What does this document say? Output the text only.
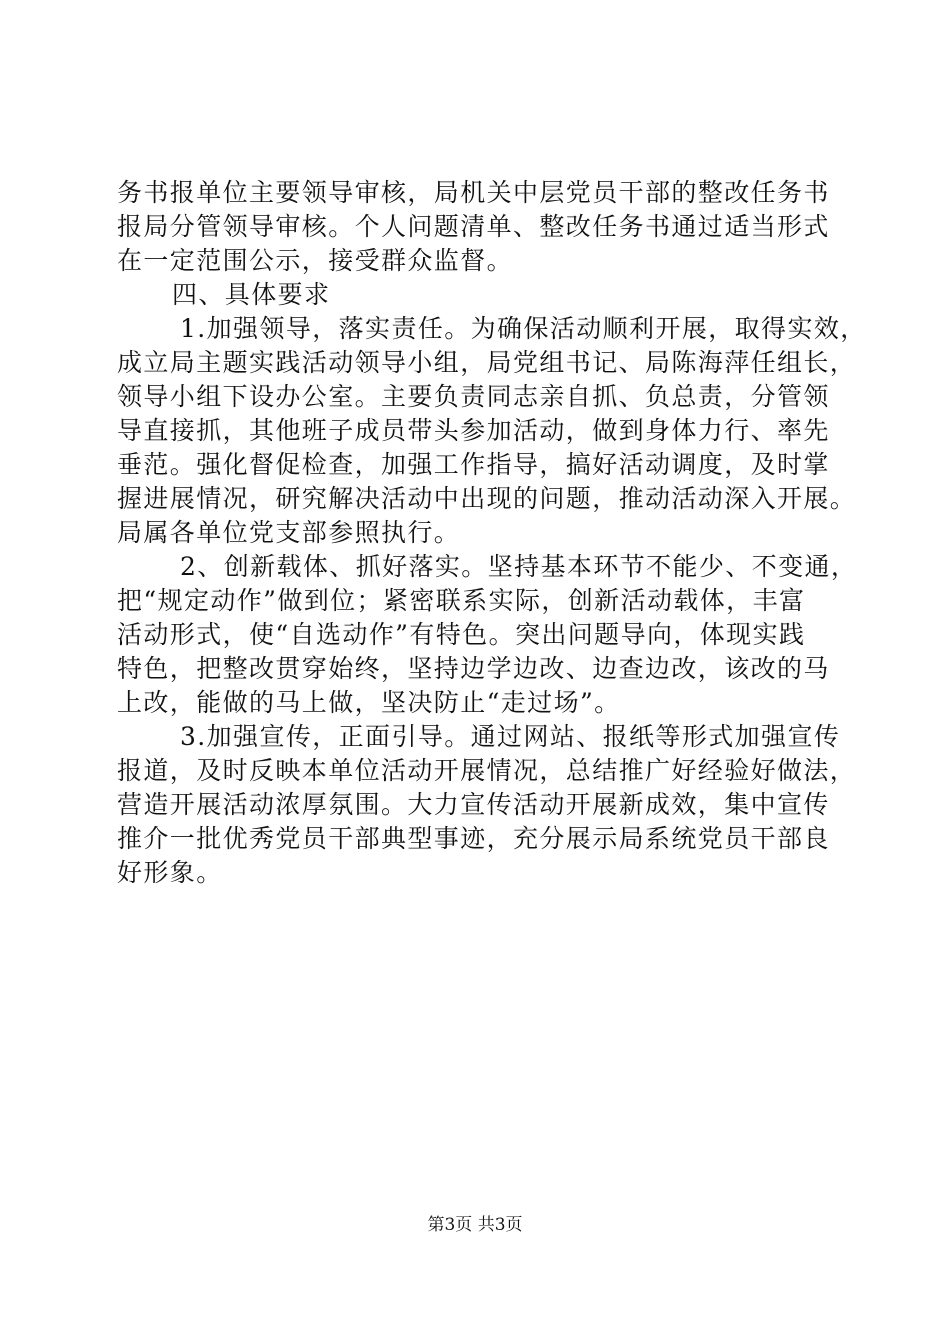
务书报单位主要领导审核，局机关中层党员干部的整改任务书
报局分管领导审核。个人问题清单、整改任务书通过适当形式
在一定范围公示，接受群众监督。
四、具体要求
1.加强领导，落实责任。为确保活动顺利开展，取得实效，
成立局主题实践活动领导小组，局党组书记、局陈海萍任组长，
领导小组下设办公室。主要负责同志亲自抓、负总责，分管领
导直接抓，其他班子成员带头参加活动，做到身体力行、率先
垂范。强化督促检查，加强工作指导，搞好活动调度，及时掌
握进展情况，研究解决活动中出现的问题，推动活动深入开展。
局属各单位党支部参照执行。
2、创新载体、抓好落实。坚持基本环节不能少、不变通，
把“规定动作”做到位；紧密联系实际，创新活动载体，丰富
活动形式，使“自选动作”有特色。突出问题导向，体现实践
特色，把整改贯穿始终，坚持边学边改、边查边改，该改的马
上改，能做的马上做，坚决防止“走过场”。
3.加强宣传，正面引导。通过网站、报纸等形式加强宣传
报道，及时反映本单位活动开展情况，总结推广好经验好做法，
营造开展活动浓厚氛围。大力宣传活动开展新成效，集中宣传
推介一批优秀党员干部典型事迹，充分展示局系统党员干部良
好形象。
第3页 共3页
